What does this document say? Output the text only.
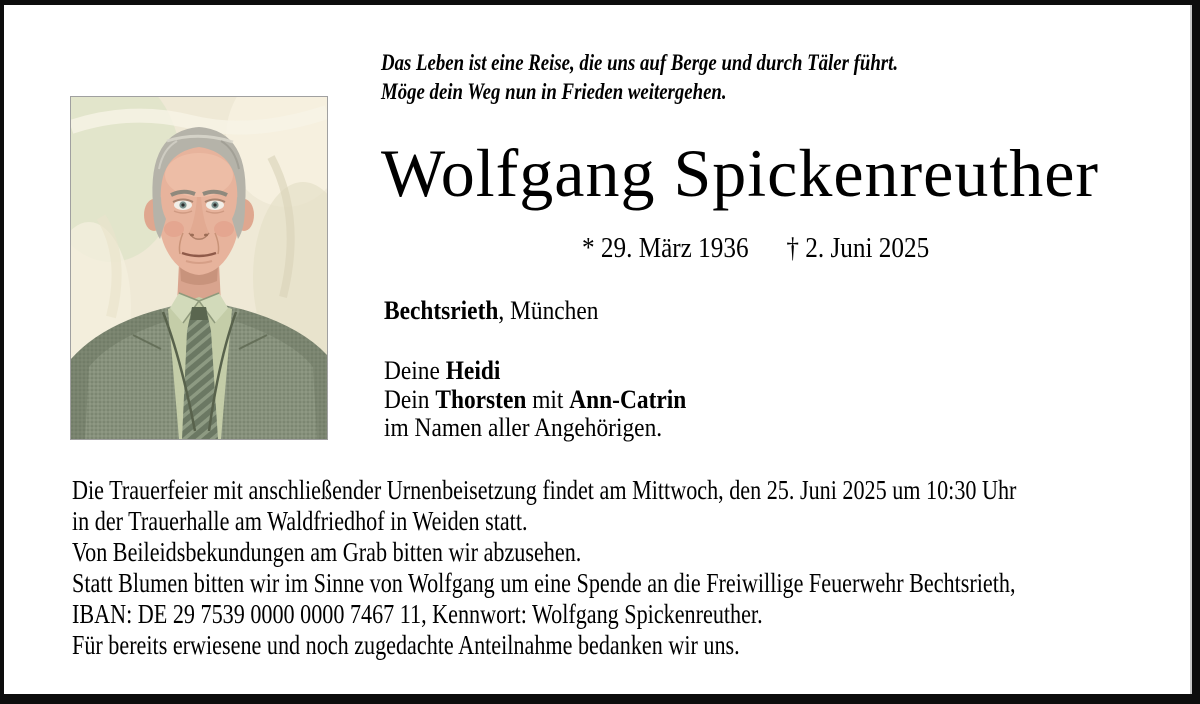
Das Leben ist eine Reise, die uns auf Berge und durch Täler führt.
Möge dein Weg nun in Frieden weitergehen.
Wolfgang Spickenreuther
* 29. März 1936 † 2. Juni 2025
Bechtsrieth, München
Deine Heidi
Dein Thorsten mit Ann-Catrin
im Namen aller Angehörigen.
Die Trauerfeier mit anschließender Urnenbeisetzung findet am Mittwoch, den 25. Juni 2025 um 10:30 Uhr
in der Trauerhalle am Waldfriedhof in Weiden statt.
Von Beileidsbekundungen am Grab bitten wir abzusehen.
Statt Blumen bitten wir im Sinne von Wolfgang um eine Spende an die Freiwillige Feuerwehr Bechtsrieth,
IBAN: DE 29 7539 0000 0000 7467 11, Kennwort: Wolfgang Spickenreuther.
Für bereits erwiesene und noch zugedachte Anteilnahme bedanken wir uns.
